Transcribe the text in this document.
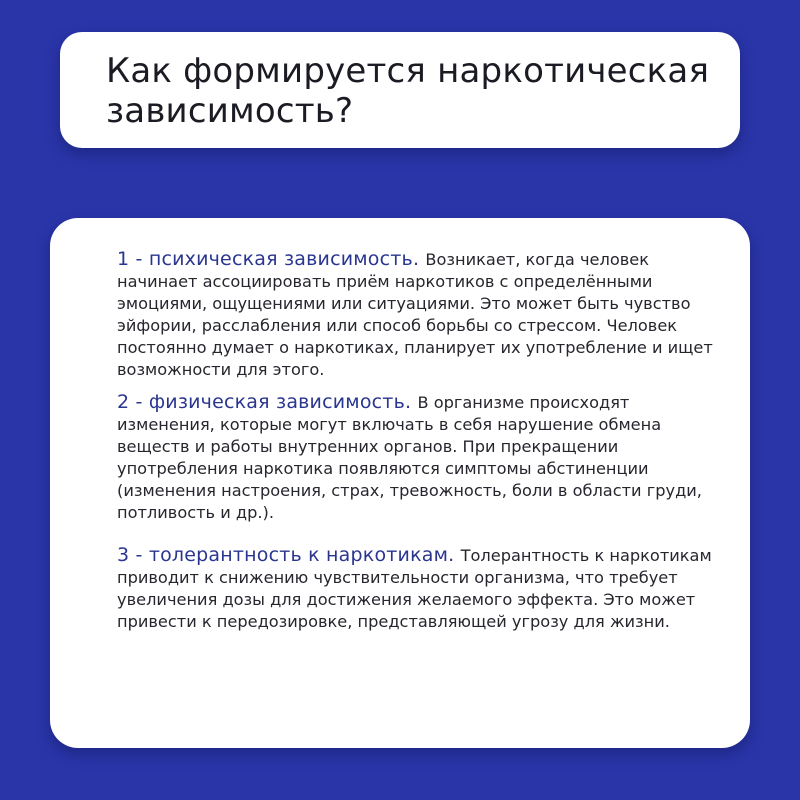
Как формируется наркотическая зависимость?

1 - психическая зависимость. Возникает, когда человек начинает ассоциировать приём наркотиков с определёнными эмоциями, ощущениями или ситуациями. Это может быть чувство эйфории, расслабления или способ борьбы со стрессом. Человек постоянно думает о наркотиках, планирует их употребление и ищет возможности для этого.

2 - физическая зависимость. В организме происходят изменения, которые могут включать в себя нарушение обмена веществ и работы внутренних органов. При прекращении употребления наркотика появляются симптомы абстиненции (изменения настроения, страх, тревожность, боли в области груди, потливость и др.).

3 - толерантность к наркотикам. Толерантность к наркотикам приводит к снижению чувствительности организма, что требует увеличения дозы для достижения желаемого эффекта. Это может привести к передозировке, представляющей угрозу для жизни.
